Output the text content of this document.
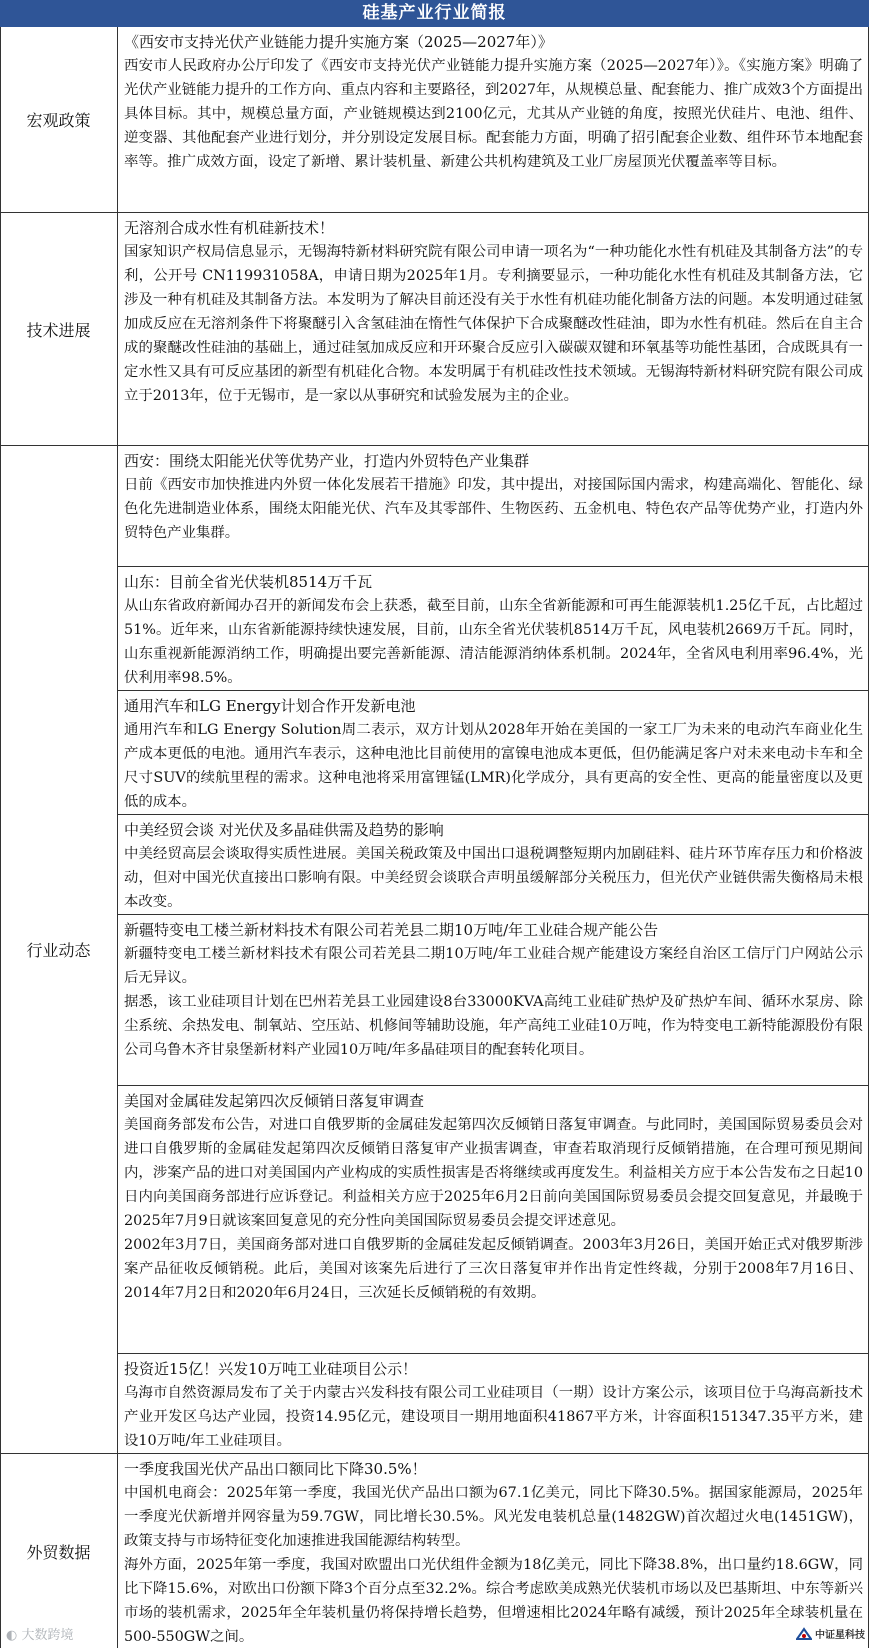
硅基产业行业简报
宏观政策

《西安市支持光伏产业链能力提升实施方案（2025—2027年）》

西安市人民政府办公厅印发了《西安市支持光伏产业链能力提升实施方案（2025—2027年）》。《实施方案》明确了光伏产业链能力提升的工作方向、重点内容和主要路径，到2027年，从规模总量、配套能力、推广成效3个方面提出具体目标。其中，规模总量方面，产业链规模达到2100亿元，尤其从产业链的角度，按照光伏硅片、电池、组件、逆变器、其他配套产业进行划分，并分别设定发展目标。配套能力方面，明确了招引配套企业数、组件环节本地配套率等。推广成效方面，设定了新增、累计装机量、新建公共机构建筑及工业厂房屋顶光伏覆盖率等目标。

技术进展

无溶剂合成水性有机硅新技术！

国家知识产权局信息显示，无锡海特新材料研究院有限公司申请一项名为“一种功能化水性有机硅及其制备方法”的专利，公开号 CN119931058A，申请日期为2025年1月。专利摘要显示，一种功能化水性有机硅及其制备方法，它涉及一种有机硅及其制备方法。本发明为了解决目前还没有关于水性有机硅功能化制备方法的问题。本发明通过硅氢加成反应在无溶剂条件下将聚醚引入含氢硅油在惰性气体保护下合成聚醚改性硅油，即为水性有机硅。然后在自主合成的聚醚改性硅油的基础上，通过硅氢加成反应和开环聚合反应引入碳碳双键和环氧基等功能性基团，合成既具有一定水性又具有可反应基团的新型有机硅化合物。本发明属于有机硅改性技术领域。无锡海特新材料研究院有限公司成立于2013年，位于无锡市，是一家以从事研究和试验发展为主的企业。

行业动态

西安：围绕太阳能光伏等优势产业，打造内外贸特色产业集群

日前《西安市加快推进内外贸一体化发展若干措施》印发，其中提出，对接国际国内需求，构建高端化、智能化、绿色化先进制造业体系，围绕太阳能光伏、汽车及其零部件、生物医药、五金机电、特色农产品等优势产业，打造内外贸特色产业集群。

山东：目前全省光伏装机8514万千瓦

从山东省政府新闻办召开的新闻发布会上获悉，截至目前，山东全省新能源和可再生能源装机1.25亿千瓦，占比超过51%。近年来，山东省新能源持续快速发展，目前，山东全省光伏装机8514万千瓦，风电装机2669万千瓦。同时，山东重视新能源消纳工作，明确提出要完善新能源、清洁能源消纳体系机制。2024年，全省风电利用率96.4%，光伏利用率98.5%。

通用汽车和LG Energy计划合作开发新电池

通用汽车和LG Energy Solution周二表示，双方计划从2028年开始在美国的一家工厂为未来的电动汽车商业化生产成本更低的电池。通用汽车表示，这种电池比目前使用的富镍电池成本更低，但仍能满足客户对未来电动卡车和全尺寸SUV的续航里程的需求。这种电池将采用富锂锰(LMR)化学成分，具有更高的安全性、更高的能量密度以及更低的成本。

中美经贸会谈 对光伏及多晶硅供需及趋势的影响

中美经贸高层会谈取得实质性进展。美国关税政策及中国出口退税调整短期内加剧硅料、硅片环节库存压力和价格波动，但对中国光伏直接出口影响有限。中美经贸会谈联合声明虽缓解部分关税压力，但光伏产业链供需失衡格局未根本改变。

新疆特变电工楼兰新材料技术有限公司若羌县二期10万吨/年工业硅合规产能公告

新疆特变电工楼兰新材料技术有限公司若羌县二期10万吨/年工业硅合规产能建设方案经自治区工信厅门户网站公示后无异议。

据悉，该工业硅项目计划在巴州若羌县工业园建设8台33000KVA高纯工业硅矿热炉及矿热炉车间、循环水泵房、除尘系统、余热发电、制氧站、空压站、机修间等辅助设施，年产高纯工业硅10万吨，作为特变电工新特能源股份有限公司乌鲁木齐甘泉堡新材料产业园10万吨/年多晶硅项目的配套转化项目。

美国对金属硅发起第四次反倾销日落复审调查

美国商务部发布公告，对进口自俄罗斯的金属硅发起第四次反倾销日落复审调查。与此同时，美国国际贸易委员会对进口自俄罗斯的金属硅发起第四次反倾销日落复审产业损害调查，审查若取消现行反倾销措施，在合理可预见期间内，涉案产品的进口对美国国内产业构成的实质性损害是否将继续或再度发生。利益相关方应于本公告发布之日起10日内向美国商务部进行应诉登记。利益相关方应于2025年6月2日前向美国国际贸易委员会提交回复意见，并最晚于2025年7月9日就该案回复意见的充分性向美国国际贸易委员会提交评述意见。

2002年3月7日，美国商务部对进口自俄罗斯的金属硅发起反倾销调查。2003年3月26日，美国开始正式对俄罗斯涉案产品征收反倾销税。此后，美国对该案先后进行了三次日落复审并作出肯定性终裁，分别于2008年7月16日、2014年7月2日和2020年6月24日，三次延长反倾销税的有效期。

投资近15亿！兴发10万吨工业硅项目公示！

乌海市自然资源局发布了关于内蒙古兴发科技有限公司工业硅项目（一期）设计方案公示，该项目位于乌海高新技术产业开发区乌达产业园，投资14.95亿元，建设项目一期用地面积41867平方米，计容面积151347.35平方米，建设10万吨/年工业硅项目。

外贸数据

一季度我国光伏产品出口额同比下降30.5%！

中国机电商会：2025年第一季度，我国光伏产品出口额为67.1亿美元，同比下降30.5%。据国家能源局，2025年一季度光伏新增并网容量为59.7GW，同比增长30.5%。风光发电装机总量(1482GW)首次超过火电(1451GW)，政策支持与市场特征变化加速推进我国能源结构转型。

海外方面，2025年第一季度，我国对欧盟出口光伏组件金额为18亿美元，同比下降38.8%，出口量约18.6GW，同比下降15.6%，对欧出口份额下降3个百分点至32.2%。综合考虑欧美成熟光伏装机市场以及巴基斯坦、中东等新兴市场的装机需求，2025年全年装机量仍将保持增长趋势，但增速相比2024年略有减缓，预计2025年全球装机量在500-550GW之间。

◐ 大数跨境	中证星科技
